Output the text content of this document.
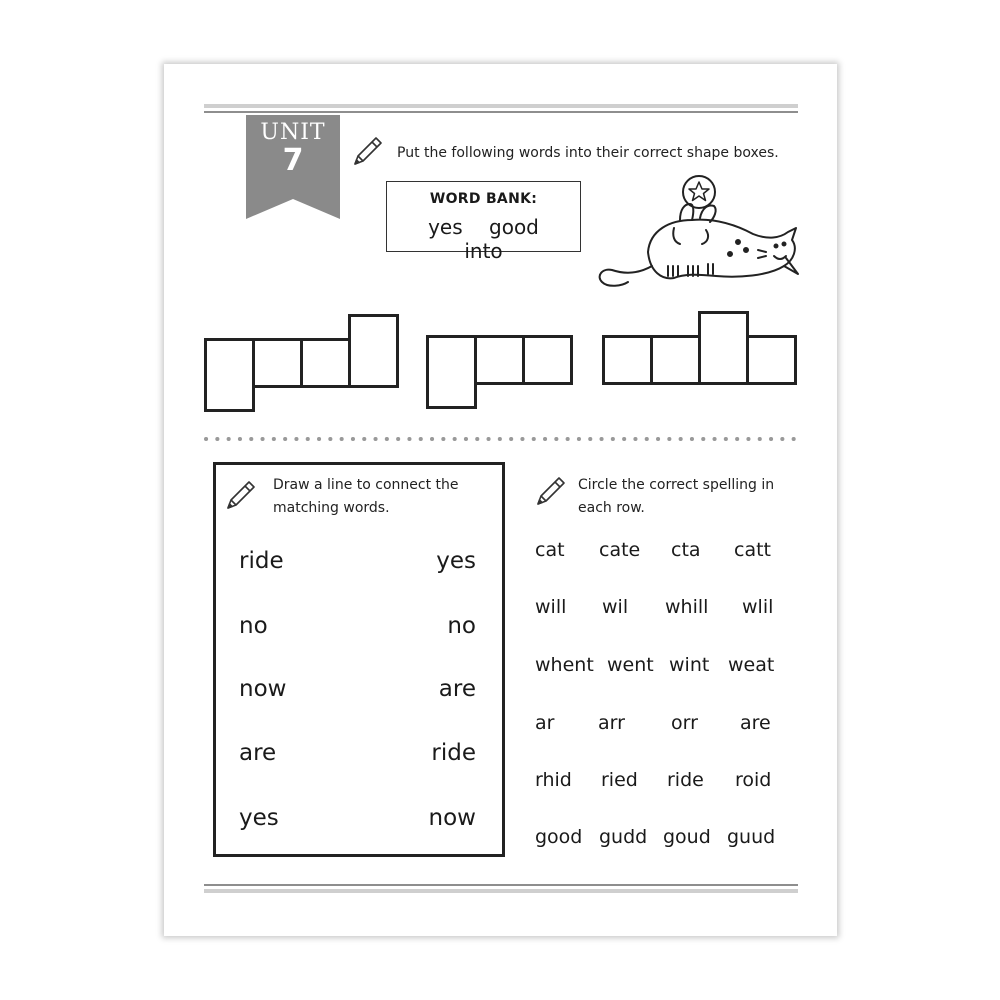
UNIT
7	Put the following words into their correct shape boxes.
WORD BANK:
yes good into
Draw a line to connect the
matching words.
ride
no
now
are
yes
yes
no
are
ride
now
Circle the correct spelling in
each row.
cat cate cta catt
will wil whill wlil
whent went wint weat
ar arr orr are
rhid ried ride roid
good gudd goud guud
